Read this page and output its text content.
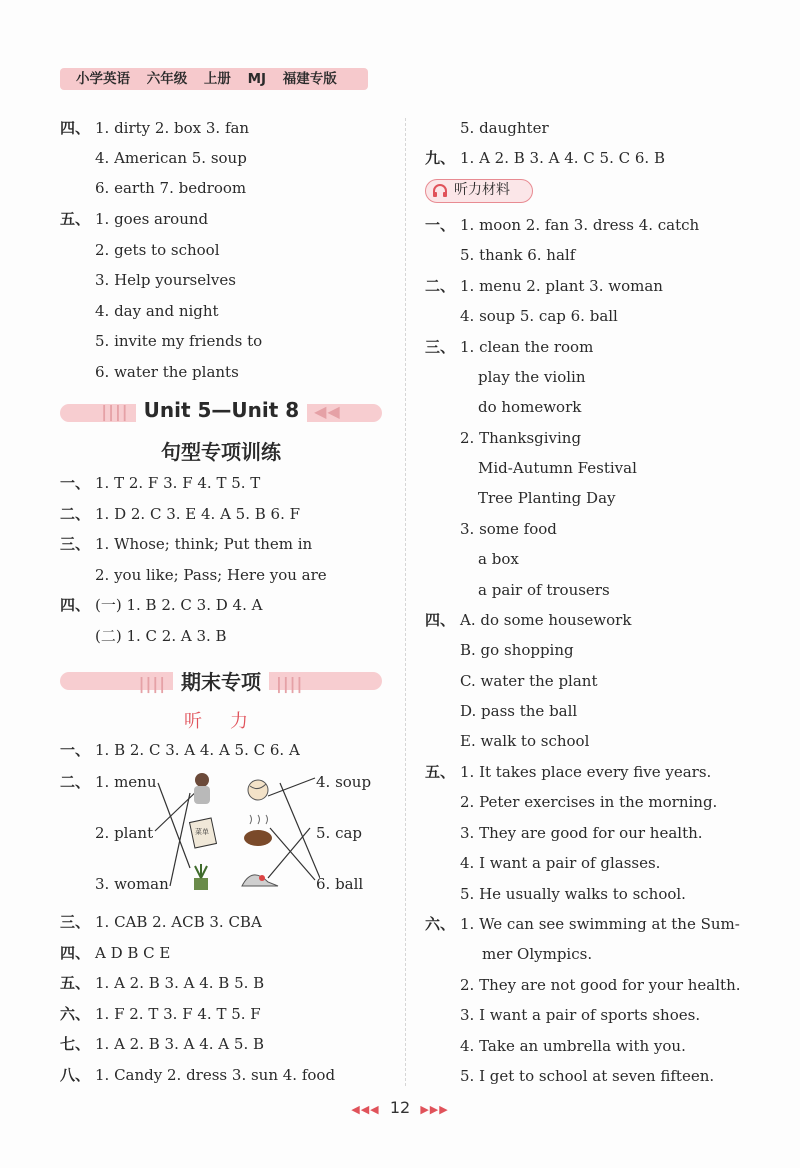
小学英语 六年级 上册 MJ 福建专版
四、 1. dirty 2. box 3. fan
4. American 5. soup
6. earth 7. bedroom
五、 1. goes around
2. gets to school
3. Help yourselves
4. day and night
5. invite my friends to
6. water the plants
|||| Unit 5—Unit 8 ◀◀
句型专项训练
一、 1. T 2. F 3. F 4. T 5. T
二、 1. D 2. C 3. E 4. A 5. B 6. F
三、 1. Whose; think; Put them in
2. you like; Pass; Here you are
四、 (一) 1. B 2. C 3. D 4. A
(二) 1. C 2. A 3. B
|||| 期末专项 ||||
听力
一、 1. B 2. C 3. A 4. A 5. C 6. A
二、 1. menu
2. plant
3. woman
4. soup
5. cap
6. ball
菜单
三、 1. CAB 2. ACB 3. CBA
四、 A D B C E
五、 1. A 2. B 3. A 4. B 5. B
六、 1. F 2. T 3. F 4. T 5. F
七、 1. A 2. B 3. A 4. A 5. B
八、 1. Candy 2. dress 3. sun 4. food
5. daughter
九、 1. A 2. B 3. A 4. C 5. C 6. B
听力材料
一、 1. moon 2. fan 3. dress 4. catch
5. thank 6. half
二、 1. menu 2. plant 3. woman
4. soup 5. cap 6. ball
三、 1. clean the room
play the violin
do homework
2. Thanksgiving
Mid-Autumn Festival
Tree Planting Day
3. some food
a box
a pair of trousers
四、 A. do some housework
B. go shopping
C. water the plant
D. pass the ball
E. walk to school
五、 1. It takes place every five years.
2. Peter exercises in the morning.
3. They are good for our health.
4. I want a pair of glasses.
5. He usually walks to school.
六、 1. We can see swimming at the Sum-
mer Olympics.
2. They are not good for your health.
3. I want a pair of sports shoes.
4. Take an umbrella with you.
5. I get to school at seven fifteen.
◀◀◀ 12 ▶▶▶
